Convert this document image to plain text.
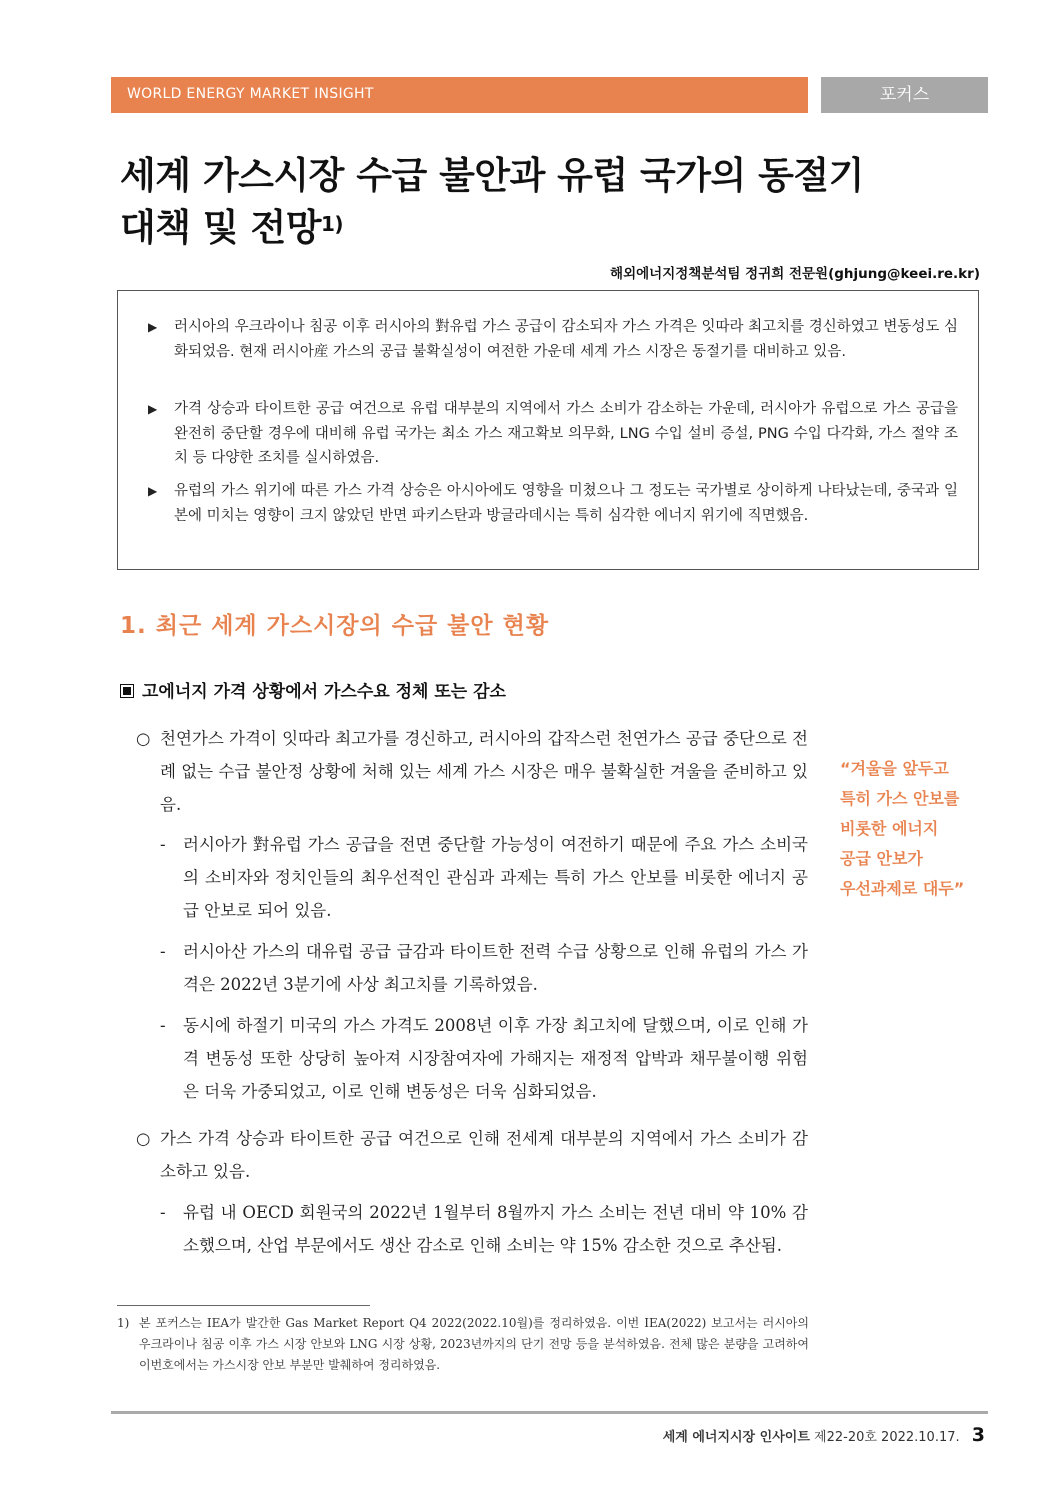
WORLD ENERGY MARKET INSIGHT	포커스
세계 가스시장 수급 불안과 유럽 국가의 동절기
대책 및 전망$^{1)}$
해외에너지정책분석팀 정귀희 전문원(ghjung@keei.re.kr)
▶ 러시아의 우크라이나 침공 이후 러시아의 對유럽 가스 공급이 감소되자 가스 가격은 잇따라 최고치를 경신하였고 변동성도 심화되었음. 현재 러시아産 가스의 공급 불확실성이 여전한 가운데 세계 가스 시장은 동절기를 대비하고 있음.
▶ 가격 상승과 타이트한 공급 여건으로 유럽 대부분의 지역에서 가스 소비가 감소하는 가운데, 러시아가 유럽으로 가스 공급을 완전히 중단할 경우에 대비해 유럽 국가는 최소 가스 재고확보 의무화, LNG 수입 설비 증설, PNG 수입 다각화, 가스 절약 조치 등 다양한 조치를 실시하였음.
▶ 유럽의 가스 위기에 따른 가스 가격 상승은 아시아에도 영향을 미쳤으나 그 정도는 국가별로 상이하게 나타났는데, 중국과 일본에 미치는 영향이 크지 않았던 반면 파키스탄과 방글라데시는 특히 심각한 에너지 위기에 직면했음.
1. 최근 세계 가스시장의 수급 불안 현황
고에너지 가격 상황에서 가스수요 정체 또는 감소
○ 천연가스 가격이 잇따라 최고가를 경신하고, 러시아의 갑작스런 천연가스 공급 중단으로 전례 없는 수급 불안정 상황에 처해 있는 세계 가스 시장은 매우 불확실한 겨울을 준비하고 있음.
- 러시아가 對유럽 가스 공급을 전면 중단할 가능성이 여전하기 때문에 주요 가스 소비국의 소비자와 정치인들의 최우선적인 관심과 과제는 특히 가스 안보를 비롯한 에너지 공급 안보로 되어 있음.
- 러시아산 가스의 대유럽 공급 급감과 타이트한 전력 수급 상황으로 인해 유럽의 가스 가격은 2022년 3분기에 사상 최고치를 기록하였음.
- 동시에 하절기 미국의 가스 가격도 2008년 이후 가장 최고치에 달했으며, 이로 인해 가격 변동성 또한 상당히 높아져 시장참여자에 가해지는 재정적 압박과 채무불이행 위험은 더욱 가중되었고, 이로 인해 변동성은 더욱 심화되었음.
○ 가스 가격 상승과 타이트한 공급 여건으로 인해 전세계 대부분의 지역에서 가스 소비가 감소하고 있음.
- 유럽 내 OECD 회원국의 2022년 1월부터 8월까지 가스 소비는 전년 대비 약 10% 감소했으며, 산업 부문에서도 생산 감소로 인해 소비는 약 15% 감소한 것으로 추산됨.
“겨울을 앞두고
특히 가스 안보를
비롯한 에너지
공급 안보가
우선과제로 대두”
1) 본 포커스는 IEA가 발간한 Gas Market Report Q4 2022(2022.10월)를 정리하였음. 이번 IEA(2022) 보고서는 러시아의 우크라이나 침공 이후 가스 시장 안보와 LNG 시장 상황, 2023년까지의 단기 전망 등을 분석하였음. 전체 많은 분량을 고려하여 이번호에서는 가스시장 안보 부분만 발췌하여 정리하였음.
세계 에너지시장 인사이트 제22-20호 2022.10.17. 3
